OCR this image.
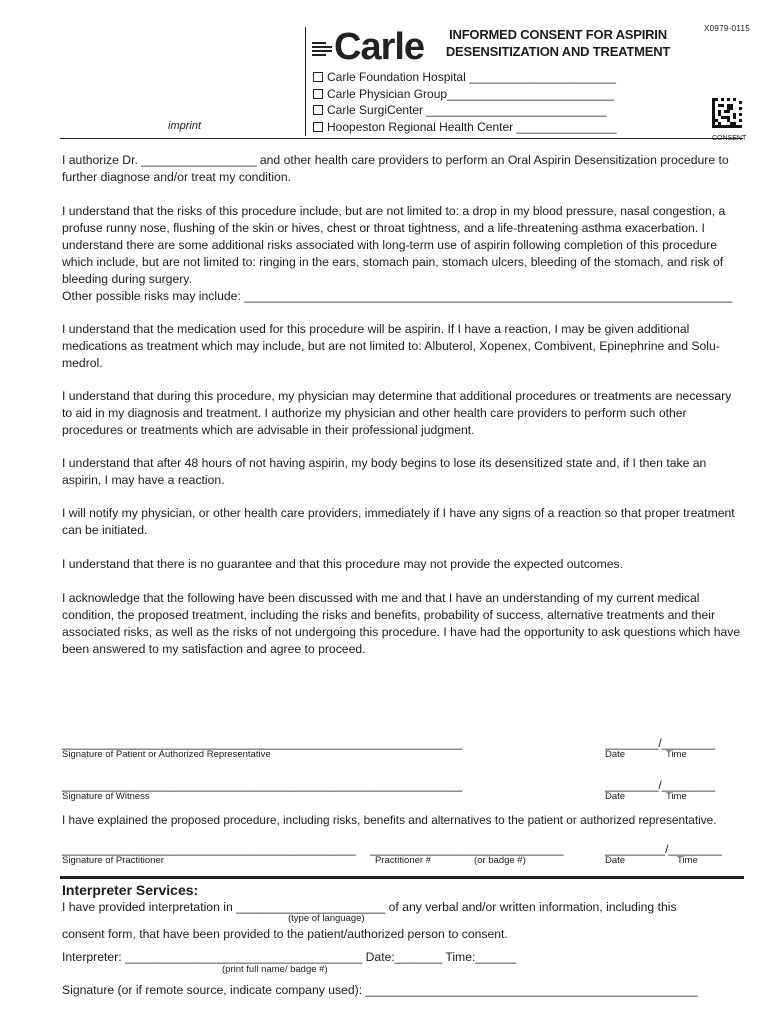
imprint
Carle	INFORMED CONSENT FOR ASPIRIN
DESENSITIZATION AND TREATMENT
X0979-0115
Carle Foundation Hospital ______________________
Carle Physician Group_________________________
Carle SurgiCenter ___________________________
Hoopeston Regional Health Center _______________
CONSENT

I authorize Dr. _________________ and other health care providers to perform an Oral Aspirin Desensitization procedure to further diagnose and/or treat my condition.

I understand that the risks of this procedure include, but are not limited to: a drop in my blood pressure, nasal congestion, a profuse runny nose, flushing of the skin or hives, chest or throat tightness, and a life-threatening asthma exacerbation. I understand there are some additional risks associated with long-term use of aspirin following completion of this procedure which include, but are not limited to: ringing in the ears, stomach pain, stomach ulcers, bleeding of the stomach, and risk of bleeding during surgery.

Other possible risks may include: ________________________________________________________________________

I understand that the medication used for this procedure will be aspirin. If I have a reaction, I may be given additional medications as treatment which may include, but are not limited to: Albuterol, Xopenex, Combivent, Epinephrine and Solu-medrol.

I understand that during this procedure, my physician may determine that additional procedures or treatments are necessary to aid in my diagnosis and treatment. I authorize my physician and other health care providers to perform such other procedures or treatments which are advisable in their professional judgment.

I understand that after 48 hours of not having aspirin, my body begins to lose its desensitized state and, if I then take an aspirin, I may have a reaction.

I will notify my physician, or other health care providers, immediately if I have any signs of a reaction so that proper treatment can be initiated.

I understand that there is no guarantee and that this procedure may not provide the expected outcomes.

I acknowledge that the following have been discussed with me and that I have an understanding of my current medical condition, the proposed treatment, including the risks and benefits, probability of success, alternative treatments and their associated risks, as well as the risks of not undergoing this procedure. I have had the opportunity to ask questions which have been answered to my satisfaction and agree to proceed.

____________________________________________________________	________/________
Signature of Patient or Authorized Representative	Date	Time
____________________________________________________________	________/________
Signature of Witness	Date	Time

I have explained the proposed procedure, including risks, benefits and alternatives to the patient or authorized representative.

____________________________________________ _____________________________	_________/________
Signature of Practitioner	Practitioner #	(or badge #)	Date	Time
Interpreter Services:
I have provided interpretation in ______________________ of any verbal and/or written information, including this
(type of language)
consent form, that have been provided to the patient/authorized person to consent.
Interpreter: ___________________________________ Date:_______ Time:______
(print full name/ badge #)
Signature (or if remote source, indicate company used): _________________________________________________
